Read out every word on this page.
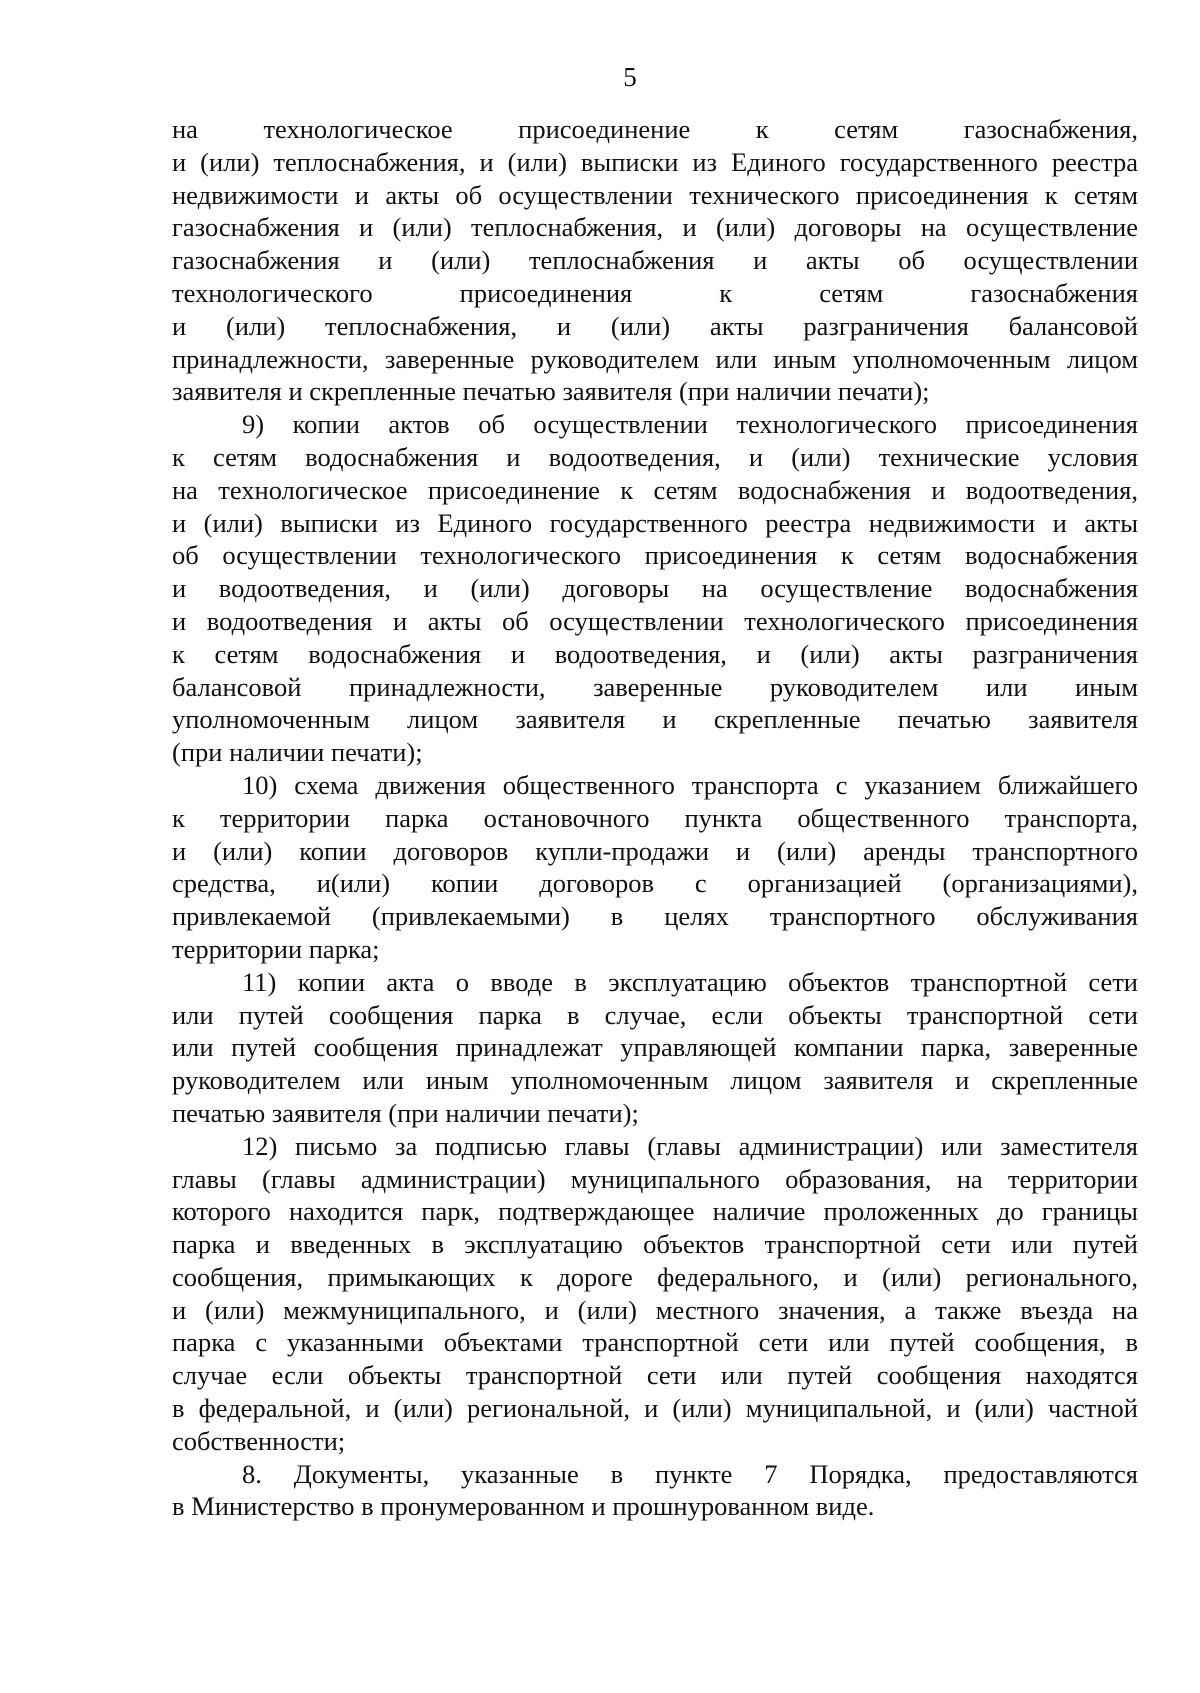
5
на технологическое присоединение к сетям газоснабжения,
и (или) теплоснабжения, и (или) выписки из Единого государственного реестра
недвижимости и акты об осуществлении технического присоединения к сетям
газоснабжения и (или) теплоснабжения, и (или) договоры на осуществление
газоснабжения и (или) теплоснабжения и акты об осуществлении
технологического присоединения к сетям газоснабжения
и (или) теплоснабжения, и (или) акты разграничения балансовой
принадлежности, заверенные руководителем или иным уполномоченным лицом
заявителя и скрепленные печатью заявителя (при наличии печати);
9) копии актов об осуществлении технологического присоединения
к сетям водоснабжения и водоотведения, и (или) технические условия
на технологическое присоединение к сетям водоснабжения и водоотведения,
и (или) выписки из Единого государственного реестра недвижимости и акты
об осуществлении технологического присоединения к сетям водоснабжения
и водоотведения, и (или) договоры на осуществление водоснабжения
и водоотведения и акты об осуществлении технологического присоединения
к сетям водоснабжения и водоотведения, и (или) акты разграничения
балансовой принадлежности, заверенные руководителем или иным
уполномоченным лицом заявителя и скрепленные печатью заявителя
(при наличии печати);
10) схема движения общественного транспорта с указанием ближайшего
к территории парка остановочного пункта общественного транспорта,
и (или) копии договоров купли-продажи и (или) аренды транспортного
средства, и(или) копии договоров с организацией (организациями),
привлекаемой (привлекаемыми) в целях транспортного обслуживания
территории парка;
11) копии акта о вводе в эксплуатацию объектов транспортной сети
или путей сообщения парка в случае, если объекты транспортной сети
или путей сообщения принадлежат управляющей компании парка, заверенные
руководителем или иным уполномоченным лицом заявителя и скрепленные
печатью заявителя (при наличии печати);
12) письмо за подписью главы (главы администрации) или заместителя
главы (главы администрации) муниципального образования, на территории
которого находится парк, подтверждающее наличие проложенных до границы
парка и введенных в эксплуатацию объектов транспортной сети или путей
сообщения, примыкающих к дороге федерального, и (или) регионального,
и (или) межмуниципального, и (или) местного значения, а также въезда на
парка с указанными объектами транспортной сети или путей сообщения, в
случае если объекты транспортной сети или путей сообщения находятся
в федеральной, и (или) региональной, и (или) муниципальной, и (или) частной
собственности;
8. Документы, указанные в пункте 7 Порядка, предоставляются
в Министерство в пронумерованном и прошнурованном виде.
